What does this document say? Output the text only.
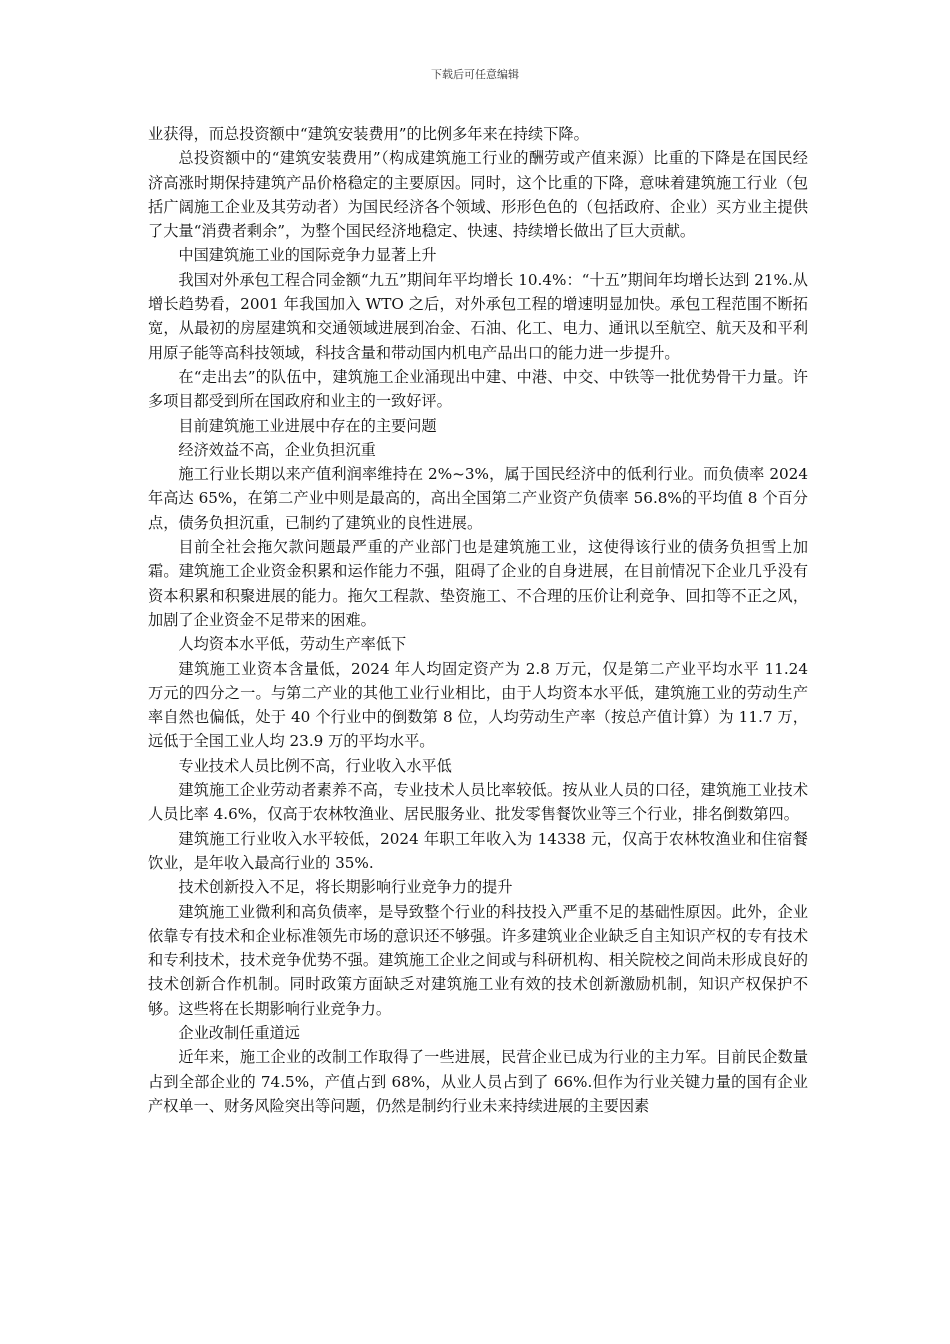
下载后可任意编辑

业获得，而总投资额中“建筑安装费用”的比例多年来在持续下降。

总投资额中的“建筑安装费用”（构成建筑施工行业的酬劳或产值来源）比重的下降是在国民经济高涨时期保持建筑产品价格稳定的主要原因。同时，这个比重的下降，意味着建筑施工行业（包括广阔施工企业及其劳动者）为国民经济各个领域、形形色色的（包括政府、企业）买方业主提供了大量“消费者剩余”，为整个国民经济地稳定、快速、持续增长做出了巨大贡献。

中国建筑施工业的国际竞争力显著上升

我国对外承包工程合同金额“九五”期间年平均增长 10.4%：“十五”期间年均增长达到 21%.从增长趋势看，2001 年我国加入 WTO 之后，对外承包工程的增速明显加快。承包工程范围不断拓宽，从最初的房屋建筑和交通领域进展到冶金、石油、化工、电力、通讯以至航空、航天及和平利用原子能等高科技领域，科技含量和带动国内机电产品出口的能力进一步提升。

在“走出去”的队伍中，建筑施工企业涌现出中建、中港、中交、中铁等一批优势骨干力量。许多项目都受到所在国政府和业主的一致好评。

目前建筑施工业进展中存在的主要问题

经济效益不高，企业负担沉重

施工行业长期以来产值利润率维持在 2%~3%，属于国民经济中的低利行业。而负债率 2024 年高达 65%，在第二产业中则是最高的，高出全国第二产业资产负债率 56.8%的平均值 8 个百分点，债务负担沉重，已制约了建筑业的良性进展。

目前全社会拖欠款问题最严重的产业部门也是建筑施工业，这使得该行业的债务负担雪上加霜。建筑施工企业资金积累和运作能力不强，阻碍了企业的自身进展，在目前情况下企业几乎没有资本积累和积聚进展的能力。拖欠工程款、垫资施工、不合理的压价让利竞争、回扣等不正之风，加剧了企业资金不足带来的困难。

人均资本水平低，劳动生产率低下

建筑施工业资本含量低，2024 年人均固定资产为 2.8 万元，仅是第二产业平均水平 11.24 万元的四分之一。与第二产业的其他工业行业相比，由于人均资本水平低，建筑施工业的劳动生产率自然也偏低，处于 40 个行业中的倒数第 8 位，人均劳动生产率（按总产值计算）为 11.7 万，远低于全国工业人均 23.9 万的平均水平。

专业技术人员比例不高，行业收入水平低

建筑施工企业劳动者素养不高，专业技术人员比率较低。按从业人员的口径，建筑施工业技术人员比率 4.6%，仅高于农林牧渔业、居民服务业、批发零售餐饮业等三个行业，排名倒数第四。

建筑施工行业收入水平较低，2024 年职工年收入为 14338 元，仅高于农林牧渔业和住宿餐饮业，是年收入最高行业的 35%.

技术创新投入不足，将长期影响行业竞争力的提升

建筑施工业微利和高负债率，是导致整个行业的科技投入严重不足的基础性原因。此外，企业依靠专有技术和企业标准领先市场的意识还不够强。许多建筑业企业缺乏自主知识产权的专有技术和专利技术，技术竞争优势不强。建筑施工企业之间或与科研机构、相关院校之间尚未形成良好的技术创新合作机制。同时政策方面缺乏对建筑施工业有效的技术创新激励机制，知识产权保护不够。这些将在长期影响行业竞争力。

企业改制任重道远

近年来，施工企业的改制工作取得了一些进展，民营企业已成为行业的主力军。目前民企数量占到全部企业的 74.5%，产值占到 68%，从业人员占到了 66%.但作为行业关键力量的国有企业产权单一、财务风险突出等问题，仍然是制约行业未来持续进展的主要因素
